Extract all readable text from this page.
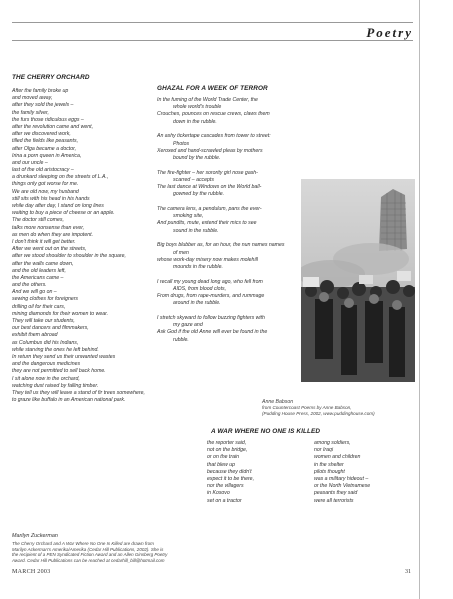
Poetry
THE CHERRY ORCHARD
After the family broke up
and moved away,
after they sold the jewels –
the family silver,
the furs those ridiculous eggs –
after the revolution came and went,
after we discovered work,
tilled the fields like peasants,
after Olga became a doctor,
Irina a porn queen in America,
and our uncle –
last of the old aristocracy –
a drunkard sleeping on the streets of L.A.,
things only got worse for me.
We are old now, my husband
still sits with his head in his hands
while day after day, I stand on long lines
waiting to buy a piece of cheese or an apple.
The doctor still comes,
talks more nonsense than ever,
as men do when they are impotent.
I don't think it will get better.
After we went out on the streets,
after we stood shoulder to shoulder in the square,
after the walls came down,
and the old leaders left,
the Americans came –
and the others.
And we will go on –
sewing clothes for foreigners
drilling oil for their cars,
mining diamonds for their women to wear.
They will take our students,
our best dancers and filmmakers,
exhibit them abroad
as Columbus did his Indians,
while starving the ones he left behind.
In return they send us their unwanted wastes
and the dangerous medicines
they are not permitted to sell back home.
I sit alone now in the orchard,
watching dust raised by falling timber.
They tell us they will leave a stand of fir trees somewhere,
to graze like buffalo in an American national park.
Marilyn Zuckerman
The Cherry Orchard and A War Where No One Is Killed are drawn from
Marilyn Ackerman's Amerika/Amerika (Cedar Hill Publications, 2002). She is
the recipient of a PEN Syndicated Fiction Award and an Allen Ginsberg Poetry
Award. Cedar Hill Publications can be reached at cedarhill_bill@hotmail.com
GHAZAL FOR A WEEK OF TERROR
In the fuming of the World Trade Center, the
whole world's trouble
Crouches, pounces on rescue crews, claws them
down in the rubble.
An ashy tickertape cascades from tower to street:
Photos
Xeroxed and hand-scrawled pleas by mothers
bound by the rubble.
The fire-fighter – her sorority girl nose gash-
scarred – accepts
The last dance at Windows on the World ball-
gowned by the rubble.
The camera lens, a pendulum, pans the ever-
smoking site,
And pundits, mute, extend their mics to see
sound in the rubble.
Big boys blubber as, for an hour, the nun names names
of men
whose work-day misery now makes molehill
mounds in the rubble.
I recall my young dead long ago, who fell from
AIDS, from blood clots,
From drugs, from rape-murders, and rummage
around in the rubble.
I stretch skyward to follow buzzing fighters with
my gaze and
Ask God if the old Anne will ever be found in the
rubble.
Anne Babson
from Countercoast Poems by Anne Babson,
(Pudding House Press, 2002, www.puddinghouse.com)
A WAR WHERE NO ONE IS KILLED
the reporter said,
not on the bridge,
or on the train
that blew up
because they didn't
expect it to be there,
nor the villagers
in Kosovo
set on a tractor
among soldiers,
nor Iraqi
women and children
in the shelter
pilots thought
was a military hideout –
or the North Vietnamese
peasants they said
were all terrorists
MARCH 2003	31
